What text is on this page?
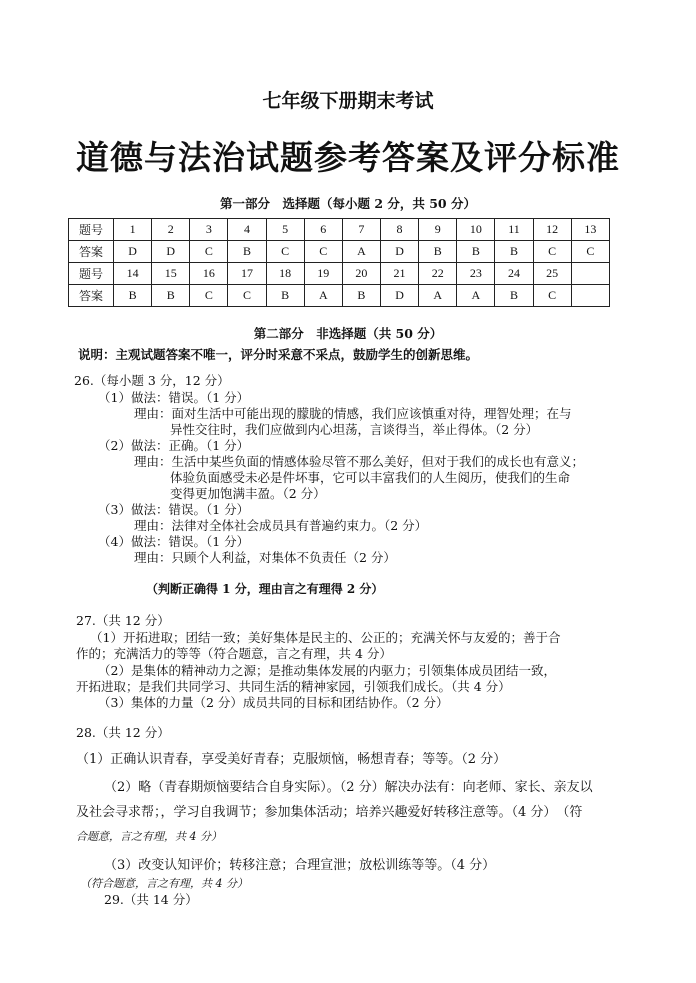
七年级下册期末考试
道德与法治试题参考答案及评分标准
第一部分　选择题（每小题 2 分，共 50 分）
题号	1	2	3	4	5	6	7	8	9	10	11	12	13
答案	D	D	C	B	C	C	A	D	B	B	B	C	C
题号	14	15	16	17	18	19	20	21	22	23	24	25	
答案	B	B	C	C	B	A	B	D	A	A	B	C	
第二部分　非选择题（共 50 分）
说明：主观试题答案不唯一，评分时采意不采点，鼓励学生的创新思维。
26.（每小题 3 分，12 分）
（1）做法：错误。（1 分）
理由：面对生活中可能出现的朦胧的情感，我们应该慎重对待，理智处理；在与
异性交往时，我们应做到内心坦荡，言谈得当，举止得体。（2 分）
（2）做法：正确。（1 分）
理由：生活中某些负面的情感体验尽管不那么美好，但对于我们的成长也有意义；
体验负面感受未必是件坏事，它可以丰富我们的人生阅历，使我们的生命
变得更加饱满丰盈。（2 分）
（3）做法：错误。（1 分）
理由：法律对全体社会成员具有普遍约束力。（2 分）
（4）做法：错误。（1 分）
理由：只顾个人利益，对集体不负责任（2 分）
（判断正确得 1 分，理由言之有理得 2 分）
27.（共 12 分）
（1）开拓进取；团结一致；美好集体是民主的、公正的；充满关怀与友爱的；善于合
作的；充满活力的等等（符合题意，言之有理，共 4 分）
（2）是集体的精神动力之源；是推动集体发展的内驱力；引领集体成员团结一致，
开拓进取；是我们共同学习、共同生活的精神家园，引领我们成长。（共 4 分）
（3）集体的力量（2 分）成员共同的目标和团结协作。（2 分）
28.（共 12 分）
（1）正确认识青春，享受美好青春；克服烦恼，畅想青春；等等。（2 分）
（2）略（青春期烦恼要结合自身实际）。（2 分）解决办法有：向老师、家长、亲友以
及社会寻求帮；，学习自我调节；参加集体活动；培养兴趣爱好转移注意等。（4 分）　（符
合题意，言之有理，共 4 分）
（3）改变认知评价；转移注意；合理宣泄；放松训练等等。（4 分）
（符合题意，言之有理，共 4 分）
29.（共 14 分）
